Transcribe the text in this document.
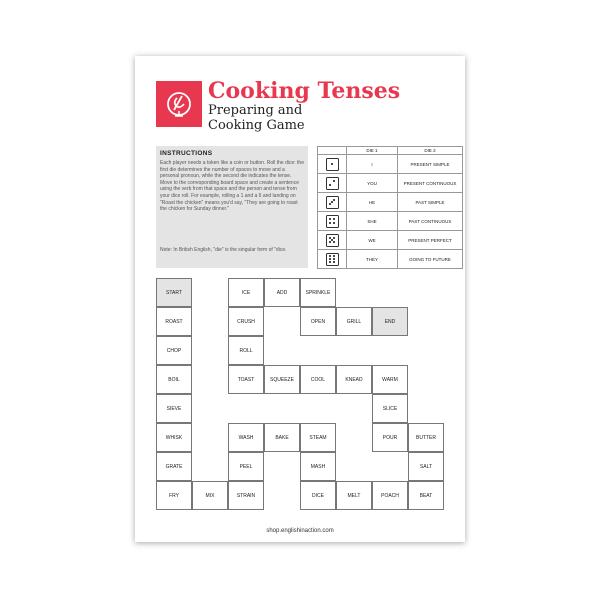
Cooking Tenses
Preparing and Cooking Game
INSTRUCTIONS
Each player needs a token like a coin or button. Roll the dice: the first die determines the number of spaces to move and a personal pronoun, while the second die indicates the tense. Move to the corresponding board space and create a sentence using the verb from that space and the person and tense from your dice roll. For example, rolling a 1 and a 6 and landing on "Roast the chicken" means you'd say, "They are going to roast the chicken for Sunday dinner."
Note: In British English, "die" is the singular form of "dice.
	DIE 1	DIE 2

	I	PRESENT SIMPLE

	YOU	PRESENT CONTINUOUS

	HE	PAST SIMPLE

	SHE	PAST CONTINUOUS

	WE	PRESENT PERFECT

	THEY	GOING TO FUTURE
START
ROAST
CHOP
BOIL
SIEVE
WHISK
GRATE
FRY	MIX	STRAIN
PEEL
WASH	BAKE	STEAM
MASH
DICE	MELT	POACH	BEAT
SALT
BUTTER
POUR
SLICE
WARM
KNEAD
COOL
SQUEEZE
TOAST
ROLL
CRUSH
ICE	ADD	SPRINKLE
OPEN	GRILL	END
shop.englishinaction.com
